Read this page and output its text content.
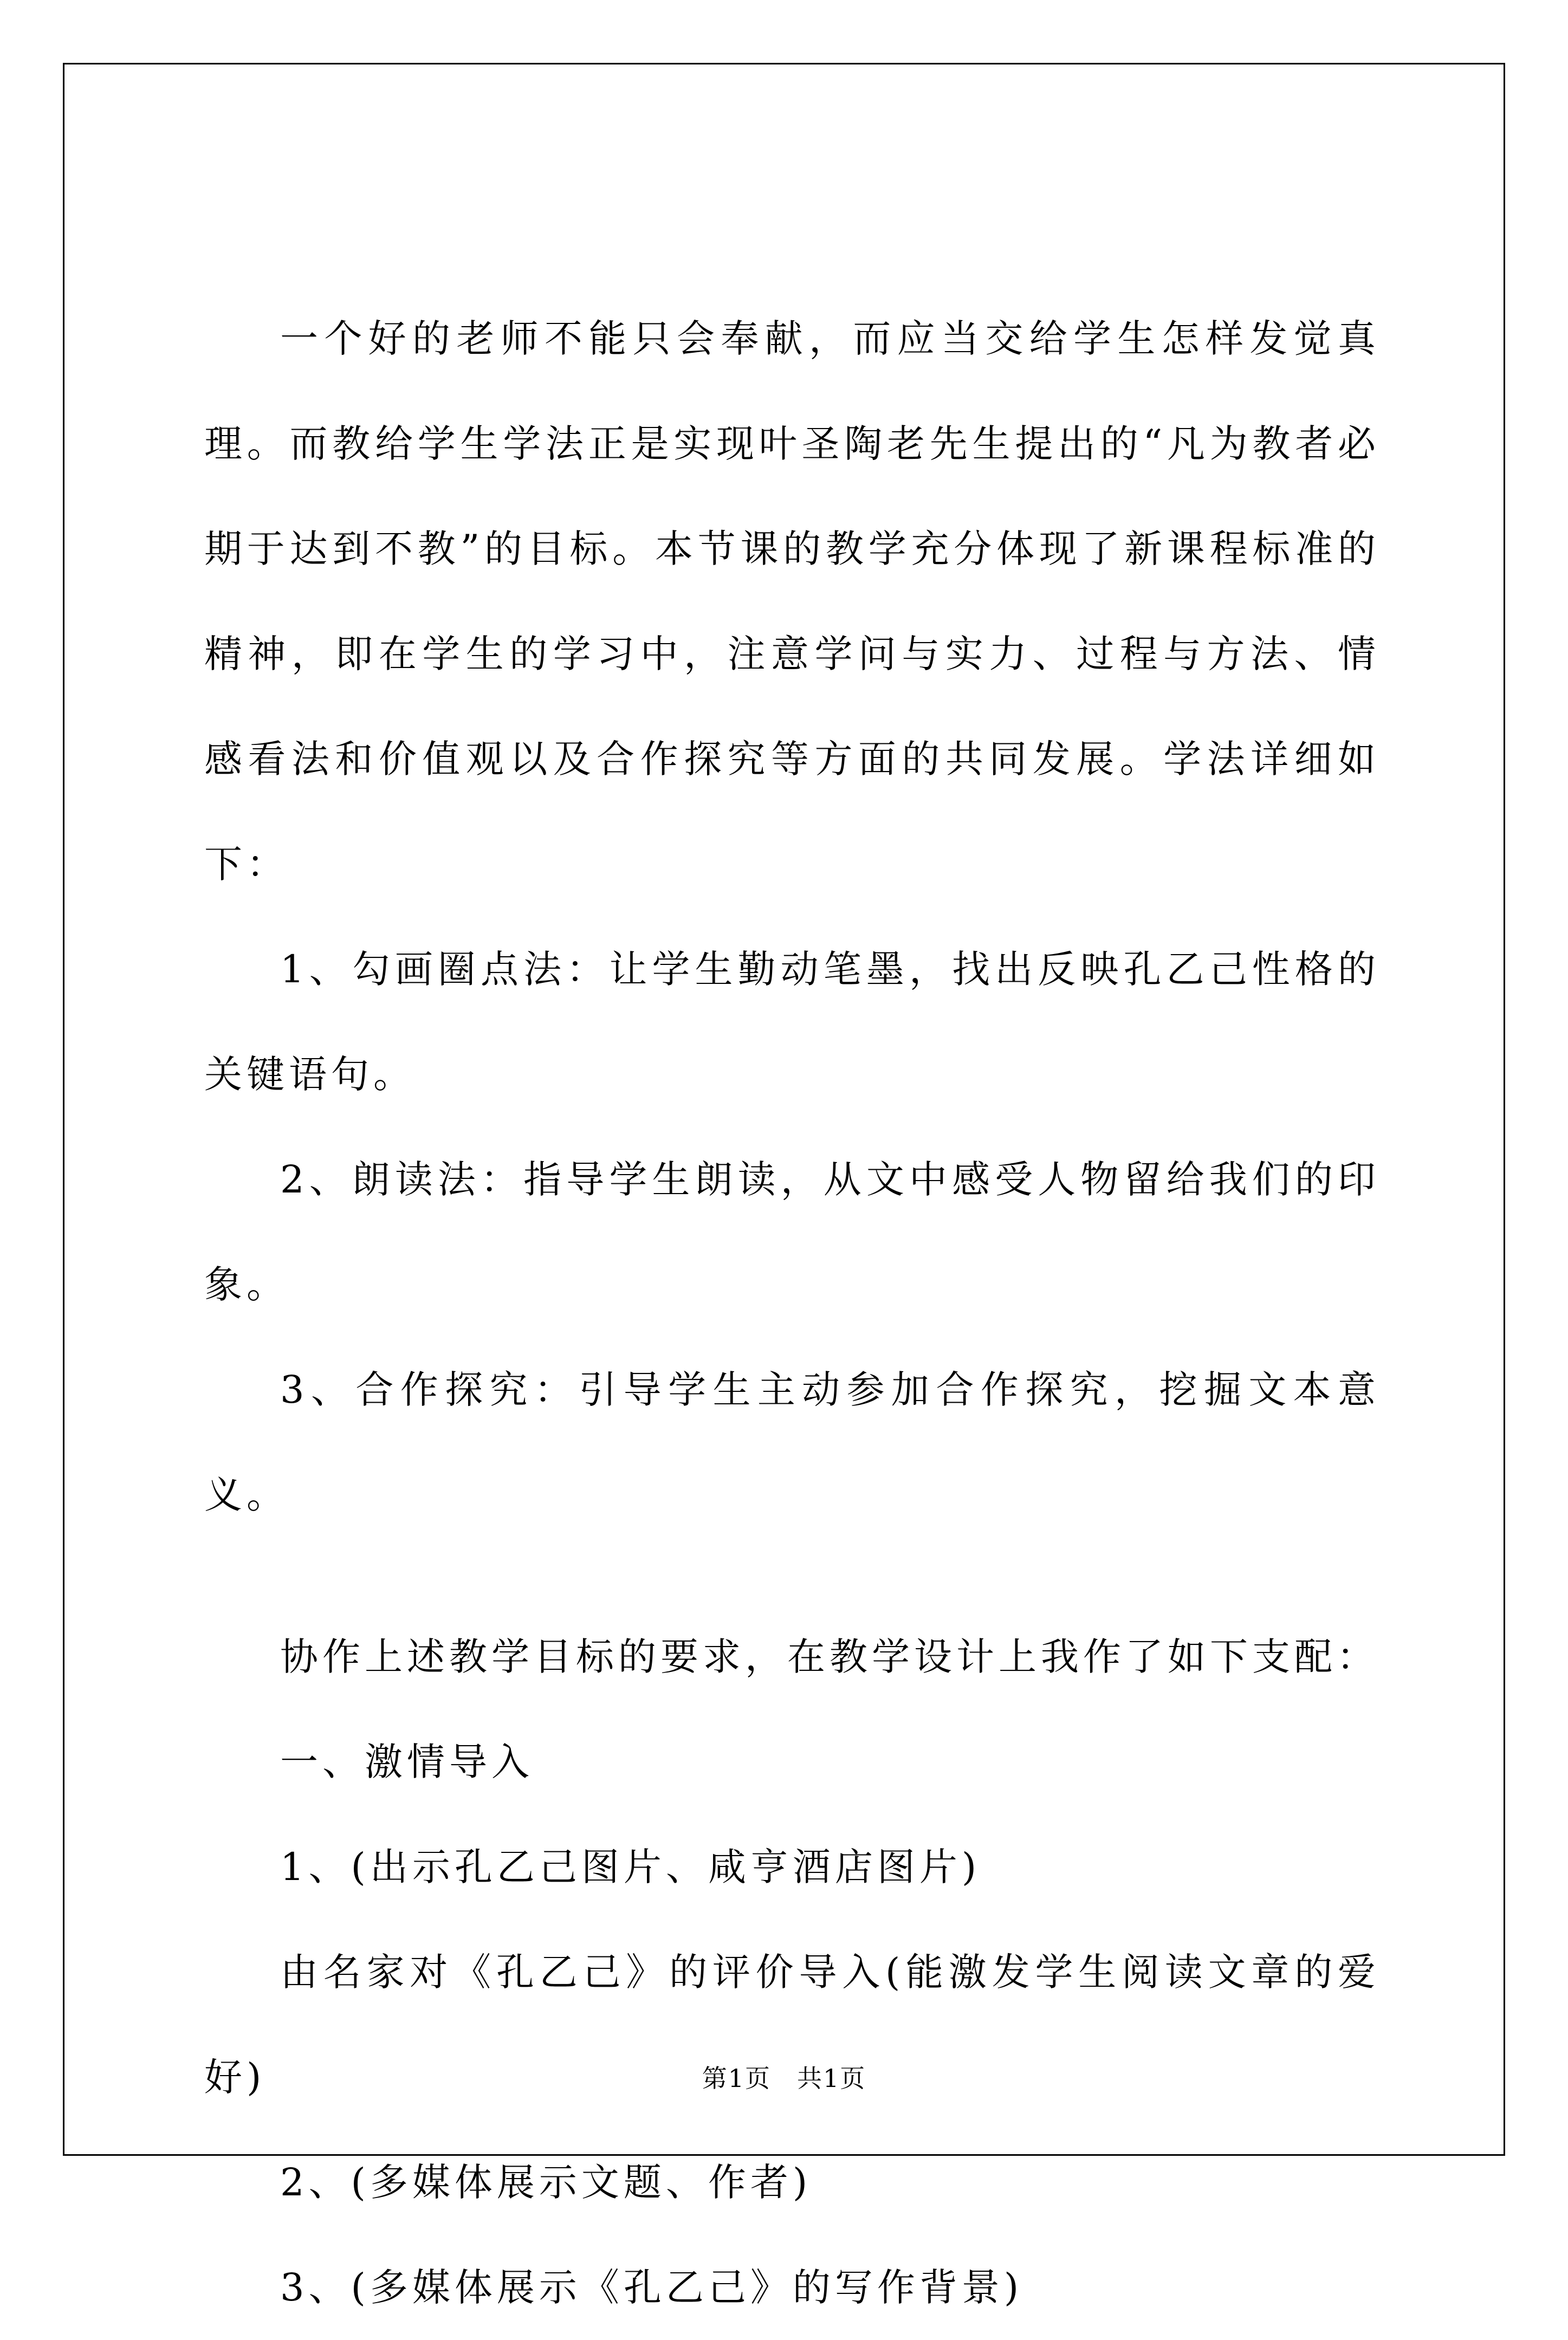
一个好的老师不能只会奉献，而应当交给学生怎样发觉真理。而教给学生学法正是实现叶圣陶老先生提出的“凡为教者必期于达到不教”的目标。本节课的教学充分体现了新课程标准的精神，即在学生的学习中，注意学问与实力、过程与方法、情感看法和价值观以及合作探究等方面的共同发展。学法详细如下：

1、勾画圈点法：让学生勤动笔墨，找出反映孔乙己性格的关键语句。

2、朗读法：指导学生朗读，从文中感受人物留给我们的印象。

3、合作探究：引导学生主动参加合作探究，挖掘文本意义。

协作上述教学目标的要求，在教学设计上我作了如下支配：

一、激情导入

1、(出示孔乙己图片、咸亨酒店图片)

由名家对《孔乙己》的评价导入(能激发学生阅读文章的爱好)

2、(多媒体展示文题、作者)

3、(多媒体展示《孔乙己》的写作背景)

第1页　共1页
